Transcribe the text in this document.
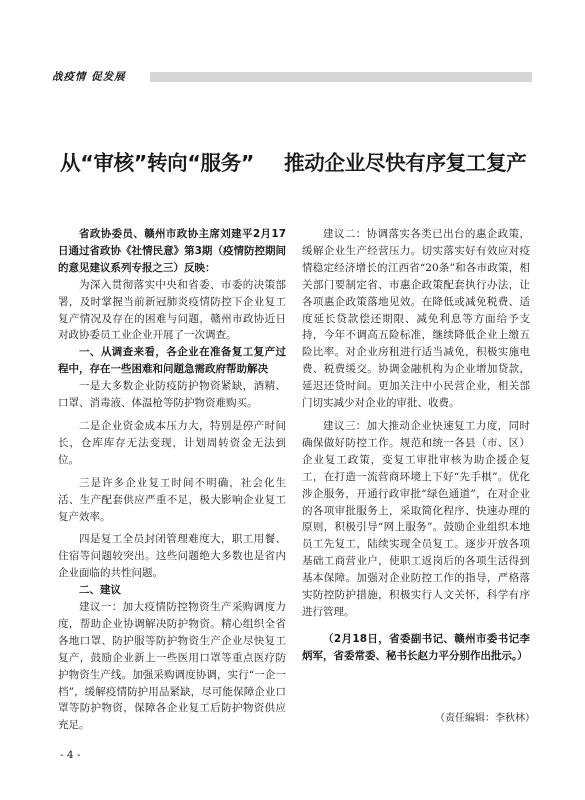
战疫情 促发展
从“审核”转向“服务” 推动企业尽快有序复工复产

省政协委员、赣州市政协主席刘建平2月17日通过省政协《社情民意》第3期（疫情防控期间的意见建议系列专报之三）反映：

为深入贯彻落实中央和省委、市委的决策部署，及时掌握当前新冠肺炎疫情防控下企业复工复产情况及存在的困难与问题，赣州市政协近日对政协委员工业企业开展了一次调查。

一、从调查来看，各企业在准备复工复产过程中，存在一些困难和问题急需政府帮助解决

一是大多数企业防疫防护物资紧缺，酒精、口罩、消毒液、体温枪等防护物资难购买。

二是企业资金成本压力大，特别是停产时间长，仓库库存无法变现，计划周转资金无法到位。

三是许多企业复工时间不明确，社会化生活、生产配套供应严重不足，极大影响企业复工复产效率。

四是复工全员封闭管理难度大，职工用餐、住宿等问题较突出。这些问题绝大多数也是省内企业面临的共性问题。

二、建议

建议一：加大疫情防控物资生产采购调度力度，帮助企业协调解决防护物资。精心组织全省各地口罩、防护服等防护物资生产企业尽快复工复产，鼓励企业新上一些医用口罩等重点医疗防护物资生产线。加强采购调度协调，实行“一企一档”，缓解疫情防护用品紧缺，尽可能保障企业口罩等防护物资，保障各企业复工后防护物资供应充足。

建议二：协调落实各类已出台的惠企政策，缓解企业生产经营压力。切实落实好有效应对疫情稳定经济增长的江西省“20条”和各市政策，相关部门要制定省、市惠企政策配套执行办法，让各项惠企政策落地见效。在降低或减免税费、适度延长贷款偿还期限、减免利息等方面给予支持，今年不调高五险标准，继续降低企业上缴五险比率。对企业房租进行适当减免，积极实施电费、税费缓交。协调金融机构为企业增加贷款，延迟还贷时间。更加关注中小民营企业，相关部门切实减少对企业的审批、收费。

建议三：加大推动企业快速复工力度，同时确保做好防控工作。规范和统一各县（市、区）企业复工政策，变复工审批审核为助企援企复工，在打造一流营商环境上下好“先手棋”。优化涉企服务，开通行政审批“绿色通道”，在对企业的各项审批服务上，采取简化程序、快速办理的原则，积极引导“网上服务”。鼓励企业组织本地员工先复工，陆续实现全员复工。逐步开放各项基础工商营业户，使职工返岗后的各项生活得到基本保障。加强对企业防控工作的指导，严格落实防控防护措施，积极实行人文关怀，科学有序进行管理。

（2月18日，省委副书记、赣州市委书记李炳军，省委常委、秘书长赵力平分别作出批示。）

（责任编辑：李秋林）
- 4 -
